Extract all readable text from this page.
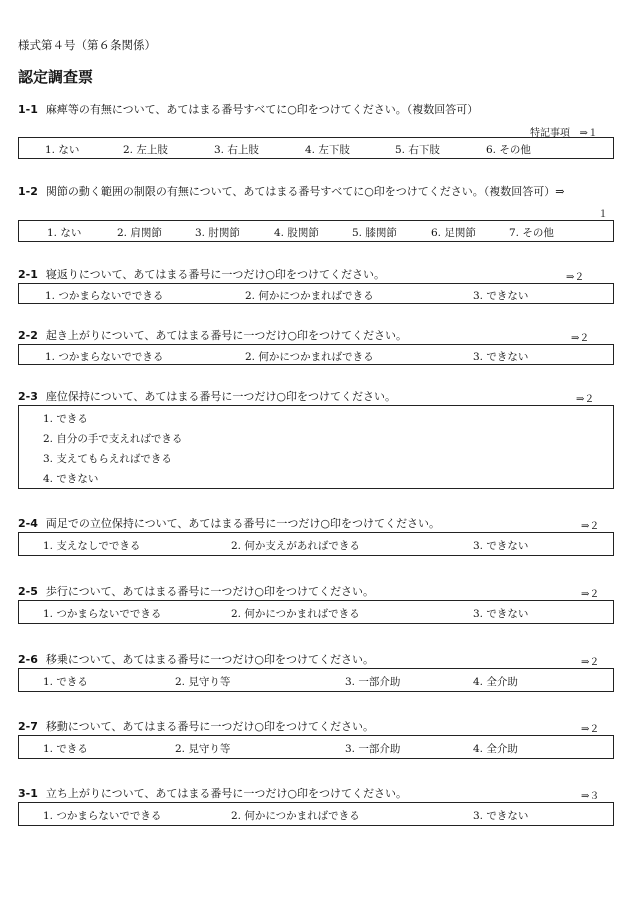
様式第４号（第６条関係）
認定調査票
1-1 麻痺等の有無について、あてはまる番号すべてに○印をつけてください。（複数回答可）
特記事項 ⇒１
1. ない	2. 左上肢	3. 右上肢	4. 左下肢	5. 右下肢	6. その他
1-2 関節の動く範囲の制限の有無について、あてはまる番号すべてに○印をつけてください。（複数回答可）⇒
１
1. ない	2. 肩関節	3. 肘関節	4. 股関節	5. 膝関節	6. 足関節	7. その他
2-1 寝返りについて、あてはまる番号に一つだけ○印をつけてください。	⇒２
1. つかまらないでできる	2. 何かにつかまればできる	3. できない
2-2 起き上がりについて、あてはまる番号に一つだけ○印をつけてください。	⇒２
1. つかまらないでできる	2. 何かにつかまればできる	3. できない
2-3 座位保持について、あてはまる番号に一つだけ○印をつけてください。	⇒２
1. できる
2. 自分の手で支えればできる
3. 支えてもらえればできる
4. できない
2-4 両足での立位保持について、あてはまる番号に一つだけ○印をつけてください。	⇒２
1. 支えなしでできる	2. 何か支えがあればできる	3. できない
2-5 歩行について、あてはまる番号に一つだけ○印をつけてください。	⇒２
1. つかまらないでできる	2. 何かにつかまればできる	3. できない
2-6 移乗について、あてはまる番号に一つだけ○印をつけてください。	⇒２
1. できる	2. 見守り等	3. 一部介助	4. 全介助
2-7 移動について、あてはまる番号に一つだけ○印をつけてください。	⇒２
1. できる	2. 見守り等	3. 一部介助	4. 全介助
3-1 立ち上がりについて、あてはまる番号に一つだけ○印をつけてください。	⇒３
1. つかまらないでできる	2. 何かにつかまればできる	3. できない
